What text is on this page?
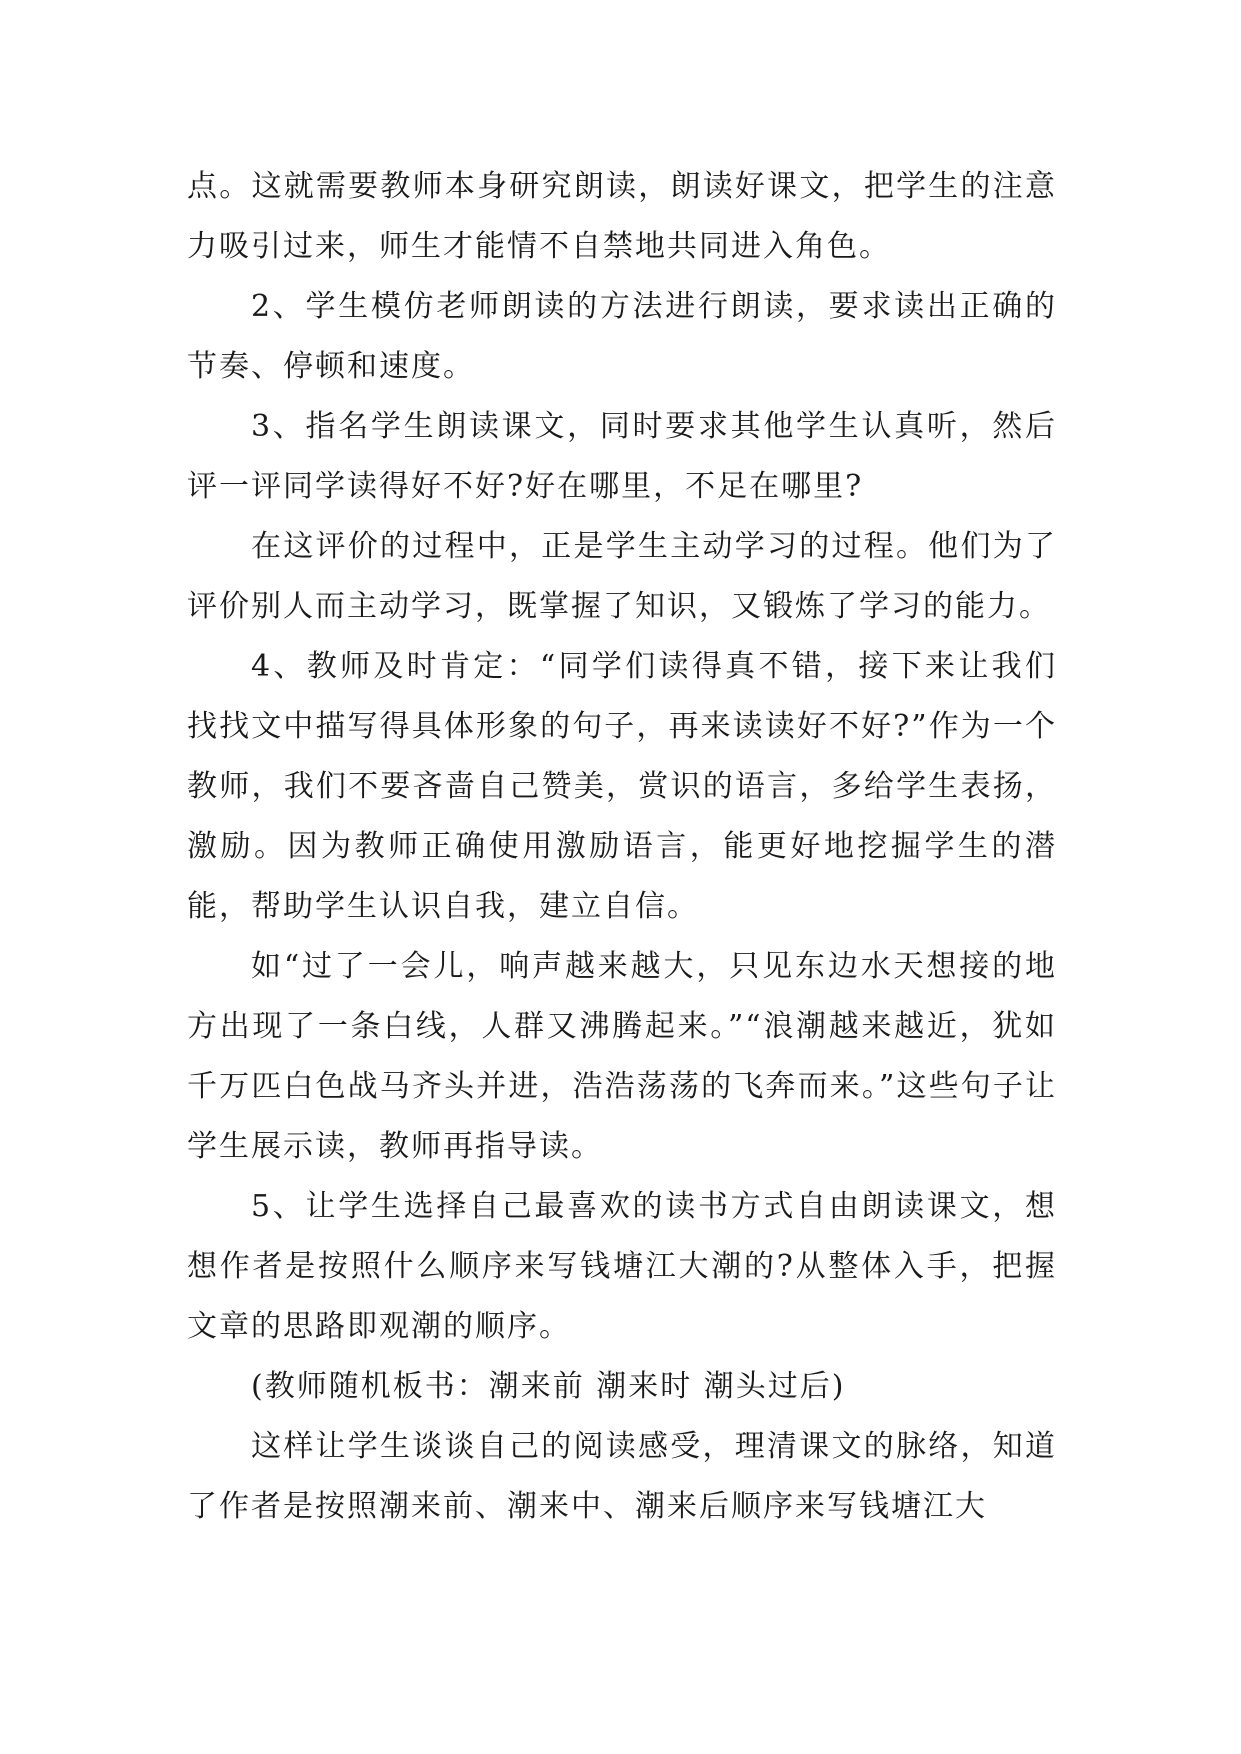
点。这就需要教师本身研究朗读，朗读好课文，把学生的注意力吸引过来，师生才能情不自禁地共同进入角色。

2、学生模仿老师朗读的方法进行朗读，要求读出正确的节奏、停顿和速度。

3、指名学生朗读课文，同时要求其他学生认真听，然后评一评同学读得好不好?好在哪里，不足在哪里?

在这评价的过程中，正是学生主动学习的过程。他们为了评价别人而主动学习，既掌握了知识，又锻炼了学习的能力。

4、教师及时肯定：“同学们读得真不错，接下来让我们找找文中描写得具体形象的句子，再来读读好不好?”作为一个教师，我们不要吝啬自己赞美，赏识的语言，多给学生表扬，激励。因为教师正确使用激励语言，能更好地挖掘学生的潜能，帮助学生认识自我，建立自信。

如“过了一会儿，响声越来越大，只见东边水天想接的地方出现了一条白线，人群又沸腾起来。”“浪潮越来越近，犹如千万匹白色战马齐头并进，浩浩荡荡的飞奔而来。”这些句子让学生展示读，教师再指导读。

5、让学生选择自己最喜欢的读书方式自由朗读课文，想想作者是按照什么顺序来写钱塘江大潮的?从整体入手，把握文章的思路即观潮的顺序。

(教师随机板书：潮来前 潮来时 潮头过后)

这样让学生谈谈自己的阅读感受，理清课文的脉络，知道了作者是按照潮来前、潮来中、潮来后顺序来写钱塘江大
